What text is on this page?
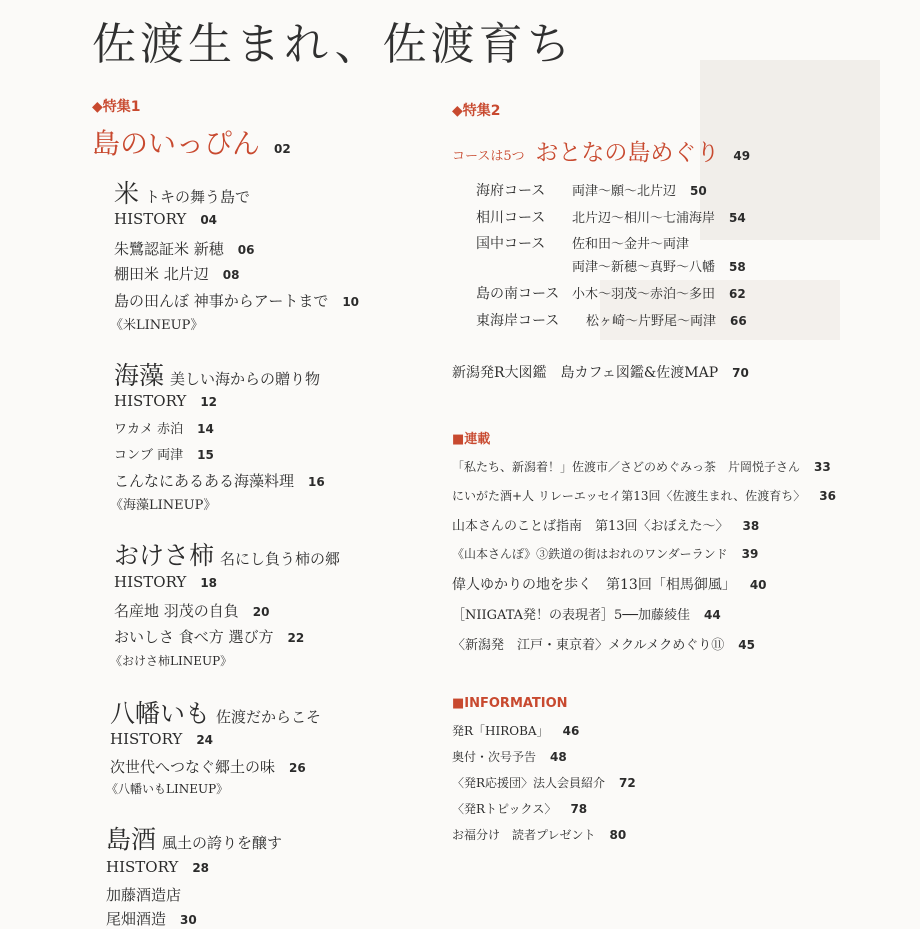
佐渡生まれ、佐渡育ち
◆特集1
島のいっぴん 02
米トキの舞う島で
HISTORY 04
朱鷺認証米 新穂 06
棚田米 北片辺 08
島の田んぼ 神事からアートまで 10
《米LINEUP》
海藻 美しい海からの贈り物
HISTORY 12
ワカメ 赤泊 14
コンブ 両津 15
こんなにあるある海藻料理 16
《海藻LINEUP》
おけさ柿 名にし負う柿の郷
HISTORY 18
名産地 羽茂の自負 20
おいしさ 食べ方 選び方 22
《おけさ柿LINEUP》
八幡いも 佐渡だからこそ
HISTORY 24
次世代へつなぐ郷土の味 26
《八幡いもLINEUP》
島酒 風土の誇りを醸す
HISTORY 28
加藤酒造店
尾畑酒造 30
◆特集2
コースは5つ おとなの島めぐり 49
海府コース 両津〜願〜北片辺 50
相川コース 北片辺〜相川〜七浦海岸 54
国中コース 佐和田〜金井〜両津
両津〜新穂〜真野〜八幡 58
島の南コース 小木〜羽茂〜赤泊〜多田 62
東海岸コース 松ヶ崎〜片野尾〜両津 66
新潟発R大図鑑　島カフェ図鑑&佐渡MAP 70
■連載
「私たち、新潟着！」佐渡市／さどのめぐみっ茶　片岡悦子さん 33
にいがた酒+人 リレーエッセイ第13回〈佐渡生まれ、佐渡育ち〉 36
山本さんのことば指南　第13回〈おぼえた〜〉 38
《山本さんぽ》③鉄道の街はおれのワンダーランド 39
偉人ゆかりの地を歩く　第13回「相馬御風」 40
［NIIGATA発！の表現者］5──加藤綾佳 44
〈新潟発　江戸・東京着〉メクルメクめぐり⑪ 45
■INFORMATION
発R「HIROBA」 46
奥付・次号予告 48
〈発R応援団〉法人会員紹介 72
〈発Rトピックス〉 78
お福分け　読者プレゼント 80
